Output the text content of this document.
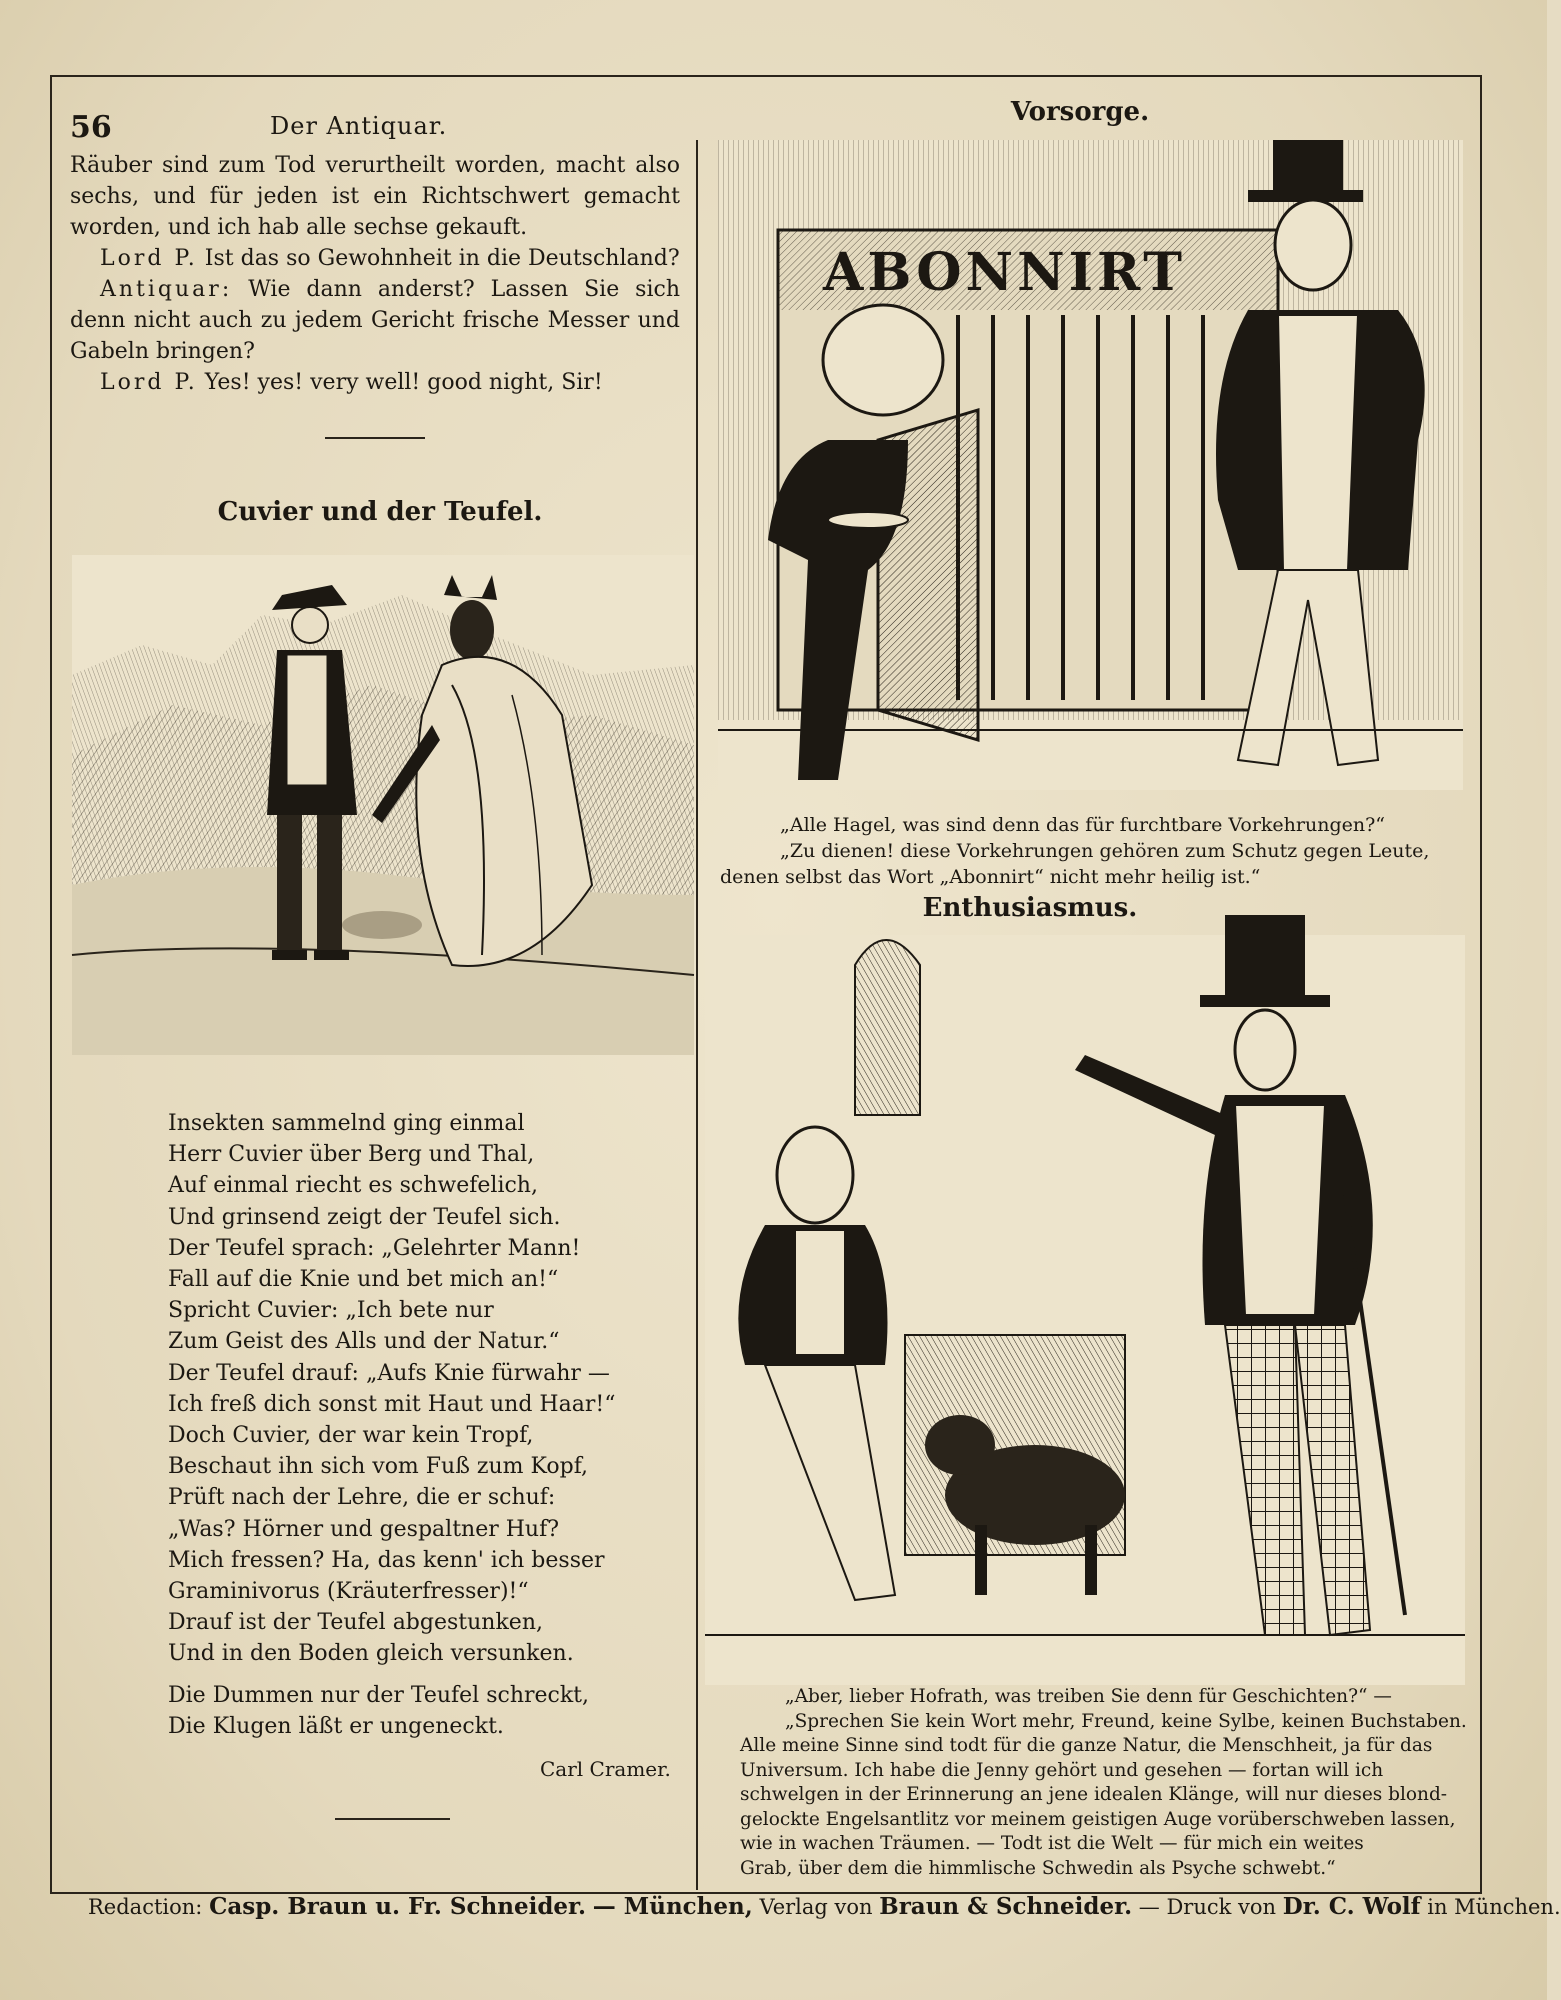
56	Der Antiquar.

Räuber sind zum Tod verurtheilt worden, macht also sechs, und für jeden ist ein Richtschwert gemacht worden, und ich hab alle sechse gekauft.

Lord P. Ist das so Gewohnheit in die Deutschland?

Antiquar: Wie dann anderst? Lassen Sie sich denn nicht auch zu jedem Gericht frische Messer und Gabeln bringen?

Lord P. Yes! yes! very well! good night, Sir!

Cuvier und der Teufel.
Insekten sammelnd ging einmal
Herr Cuvier über Berg und Thal,
Auf einmal riecht es schwefelich,
Und grinsend zeigt der Teufel sich.
Der Teufel sprach: „Gelehrter Mann!
Fall auf die Knie und bet mich an!“
Spricht Cuvier: „Ich bete nur
Zum Geist des Alls und der Natur.“
Der Teufel drauf: „Aufs Knie fürwahr —
Ich freß dich sonst mit Haut und Haar!“
Doch Cuvier, der war kein Tropf,
Beschaut ihn sich vom Fuß zum Kopf,
Prüft nach der Lehre, die er schuf:
„Was? Hörner und gespaltner Huf?
Mich fressen? Ha, das kenn' ich besser
Graminivorus (Kräuterfresser)!“
Drauf ist der Teufel abgestunken,
Und in den Boden gleich versunken.
Die Dummen nur der Teufel schreckt,
Die Klugen läßt er ungeneckt.
Carl Cramer.
Vorsorge.
ABONNIRT
„Alle Hagel, was sind denn das für furchtbare Vorkehrungen?“
„Zu dienen! diese Vorkehrungen gehören zum Schutz gegen Leute,
denen selbst das Wort „Abonnirt“ nicht mehr heilig ist.“
Enthusiasmus.
„Aber, lieber Hofrath, was treiben Sie denn für Geschichten?“ —
„Sprechen Sie kein Wort mehr, Freund, keine Sylbe, keinen Buchstaben.
Alle meine Sinne sind todt für die ganze Natur, die Menschheit, ja für das
Universum. Ich habe die Jenny gehört und gesehen — fortan will ich
schwelgen in der Erinnerung an jene idealen Klänge, will nur dieses blond-
gelockte Engelsantlitz vor meinem geistigen Auge vorüberschweben lassen,
wie in wachen Träumen. — Todt ist die Welt — für mich ein weites
Grab, über dem die himmlische Schwedin als Psyche schwebt.“
Redaction: Casp. Braun u. Fr. Schneider. — München, Verlag von Braun & Schneider. — Druck von Dr. C. Wolf in München.
